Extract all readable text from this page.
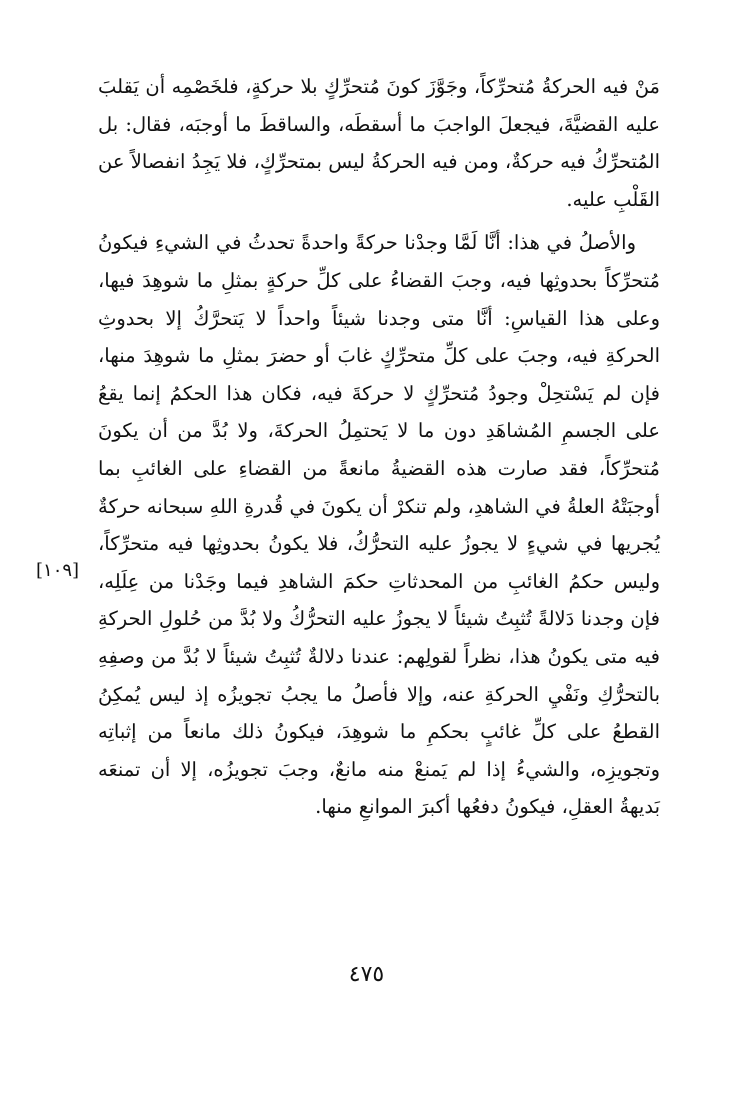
مَنْ فيه الحركةُ مُتحرِّكاً، وجَوَّزَ كونَ مُتحرِّكٍ بلا حركةٍ، فلخَصْمِه أن يَقلبَ عليه القضيَّةَ، فيجعلَ الواجبَ ما أسقطَه، والساقطَ ما أوجبَه، فقال: بل المُتحرِّكُ فيه حركةٌ، ومن فيه الحركةُ ليس بمتحرِّكٍ، فلا يَجِدُ انفصالاً عن القَلْبِ عليه.

والأصلُ في هذا: أنَّا لَمَّا وجدْنا حركةً واحدةً تحدثُ في الشيءِ فيكونُ مُتحرِّكاً بحدوثِها فيه، وجبَ القضاءُ على كلِّ حركةٍ بمثلِ ما شوهِدَ فيها، وعلى هذا القياسِ: أنَّا متى وجدنا شيئاً واحداً لا يَتحرَّكُ إلا بحدوثِ الحركةِ فيه، وجبَ على كلِّ متحرِّكٍ غابَ أو حضرَ بمثلِ ما شوهِدَ منها، فإن لم يَسْتحِلْ وجودُ مُتحرِّكٍ لا حركةَ فيه، فكان هذا الحكمُ إنما يقعُ على الجسمِ المُشاهَدِ دون ما لا يَحتمِلُ الحركةَ، ولا بُدَّ من أن يكونَ مُتحرِّكاً، فقد صارت هذه القضيةُ مانعةً من القضاءِ على الغائبِ بما أوجبَتْهُ العلةُ في الشاهدِ، ولم تنكرْ أن يكونَ في قُدرةِ اللهِ سبحانه حركةٌ يُجريها في شيءٍ لا يجوزُ عليه التحرُّكُ، فلا يكونُ بحدوثِها فيه متحرِّكاً، وليس حكمُ الغائبِ من المحدثاتِ حكمَ الشاهدِ فيما وجَدْنا من عِلَلِه، فإن وجدنا دَلالةً تُثبِتُ شيئاً لا يجوزُ عليه التحرُّكُ ولا بُدَّ من حُلولِ الحركةِ فيه متى يكونُ هذا، نظراً لقولِهم: عندنا دلالةٌ تُثبِتُ شيئاً لا بُدَّ من وصفِهِ بالتحرُّكِ ونَفْيِ الحركةِ عنه، وإلا فأصلُ ما يجبُ تجويزُه إذ ليس يُمكِنُ القطعُ على كلِّ غائبٍ بحكمِ ما شوهِدَ، فيكونُ ذلك مانعاً من إثباتِه وتجويزِه، والشيءُ إذا لم يَمنعْ منه مانعٌ، وجبَ تجويزُه، إلا أن تمنعَه بَديهةُ العقلِ، فيكونُ دفعُها أكبرَ الموانعِ منها.

[١٠٩]
٤٧٥
